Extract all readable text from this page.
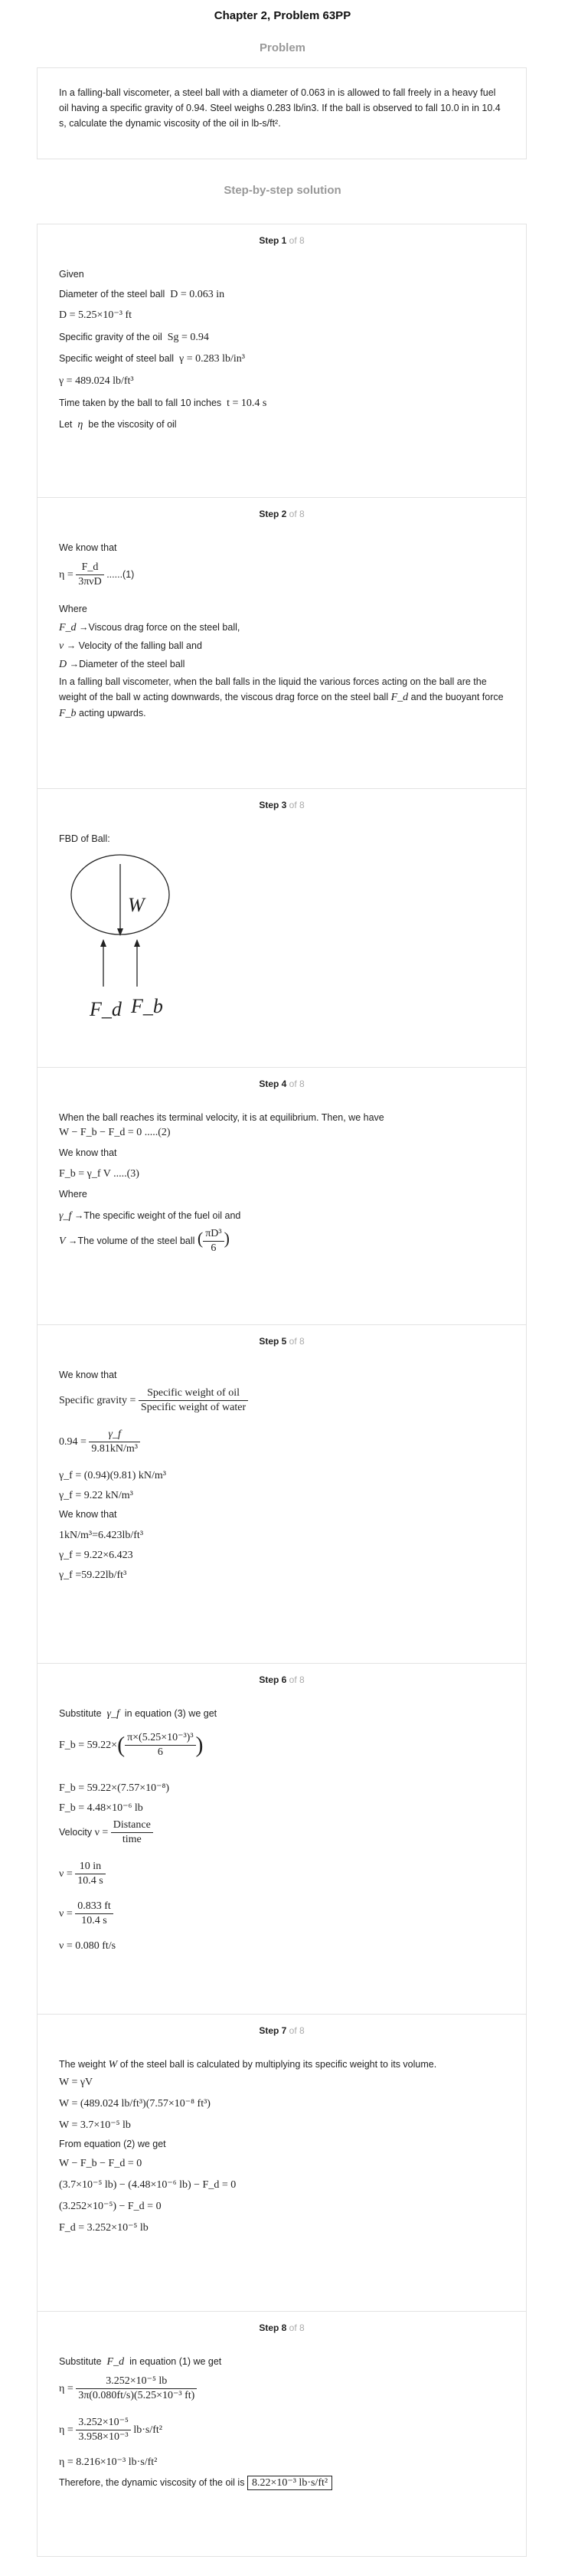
Chapter 2, Problem 63PP
Problem
In a falling-ball viscometer, a steel ball with a diameter of 0.063 in is allowed to fall freely in a heavy fuel oil having a specific gravity of 0.94. Steel weighs 0.283 lb/in3. If the ball is observed to fall 10.0 in in 10.4 s, calculate the dynamic viscosity of the oil in lb-s/ft².
Step-by-step solution
Step 1 of 8
Given
Diameter of the steel ball D = 0.063 in
D = 5.25×10⁻³ ft
Specific gravity of the oil Sg = 0.94
Specific weight of steel ball γ = 0.283 lb/in³
γ = 489.024 lb/ft³
Time taken by the ball to fall 10 inches t = 10.4 s
Let η be the viscosity of oil
Step 2 of 8
We know that
$\eta = \frac{F\_d}{\text{3πνD}} ......(1)$
Where
F_d →Viscous drag force on the steel ball,
ν → Velocity of the falling ball and
D →Diameter of the steel ball
In a falling ball viscometer, when the ball falls in the liquid the various forces acting on the ball are the weight of the ball w acting downwards, the viscous drag force on the steel ball F_d and the buoyant force F_b acting upwards.
Step 3 of 8
FBD of Ball:
W
F_d F_b
Step 4 of 8
When the ball reaches its terminal velocity, it is at equilibrium. Then, we have
W − F_b − F_d = 0 .....(2)
We know that
F_b = γ_f V .....(3)
Where
γ_f →The specific weight of the fuel oil and
V →The volume of the steel ball ( $\frac{\text{πD³}}{6}$ )
Step 5 of 8
We know that
Specific gravity = $\frac{\text{Specific weight of oil}}{\text{Specific weight of water}}$
$0.94 = \frac{\gamma\_f}{\text{9.81kN/m³}}$
γ_f = (0.94)(9.81) kN/m³
γ_f = 9.22 kN/m³
We know that
1kN/m³=6.423lb/ft³
γ_f = 9.22×6.423
γ_f =59.22lb/ft³
Step 6 of 8
Substitute γ_f in equation (3) we get
F_b = $59.22\times( \frac{\text{π×(5.25×10⁻³)³}}{6}$ )
F_b = 59.22×(7.57×10⁻⁸)
F_b = 4.48×10⁻⁶ lb
Velocity $\nu = \frac{\text{Distance}}{\text{time}}$
$\nu = \frac{10 in}{10.4 s}$
$\nu = \frac{0.833 ft}{10.4 s}$
ν = 0.080 ft/s
Step 7 of 8
The weight W of the steel ball is calculated by multiplying its specific weight to its volume.
W = γV
W = (489.024 lb/ft³)(7.57×10⁻⁸ ft³)
W = 3.7×10⁻⁵ lb
From equation (2) we get
W − F_b − F_d = 0
(3.7×10⁻⁵ lb) − (4.48×10⁻⁶ lb) − F_d = 0
(3.252×10⁻⁵) − F_d = 0
F_d = 3.252×10⁻⁵ lb
Step 8 of 8
Substitute F_d in equation (1) we get
$\eta = \frac{\text{3.252×10⁻⁵ lb}}{\text{3π(0.080ft/s)(5.25×10⁻³ ft)}}$
$\eta = \frac{\text{3.252×10⁻⁵}}{\text{3.958×10⁻³}} lb\cdot s/ft^2$
η = 8.216×10⁻³ lb·s/ft²
Therefore, the dynamic viscosity of the oil is 8.22×10⁻³ lb·s/ft²
